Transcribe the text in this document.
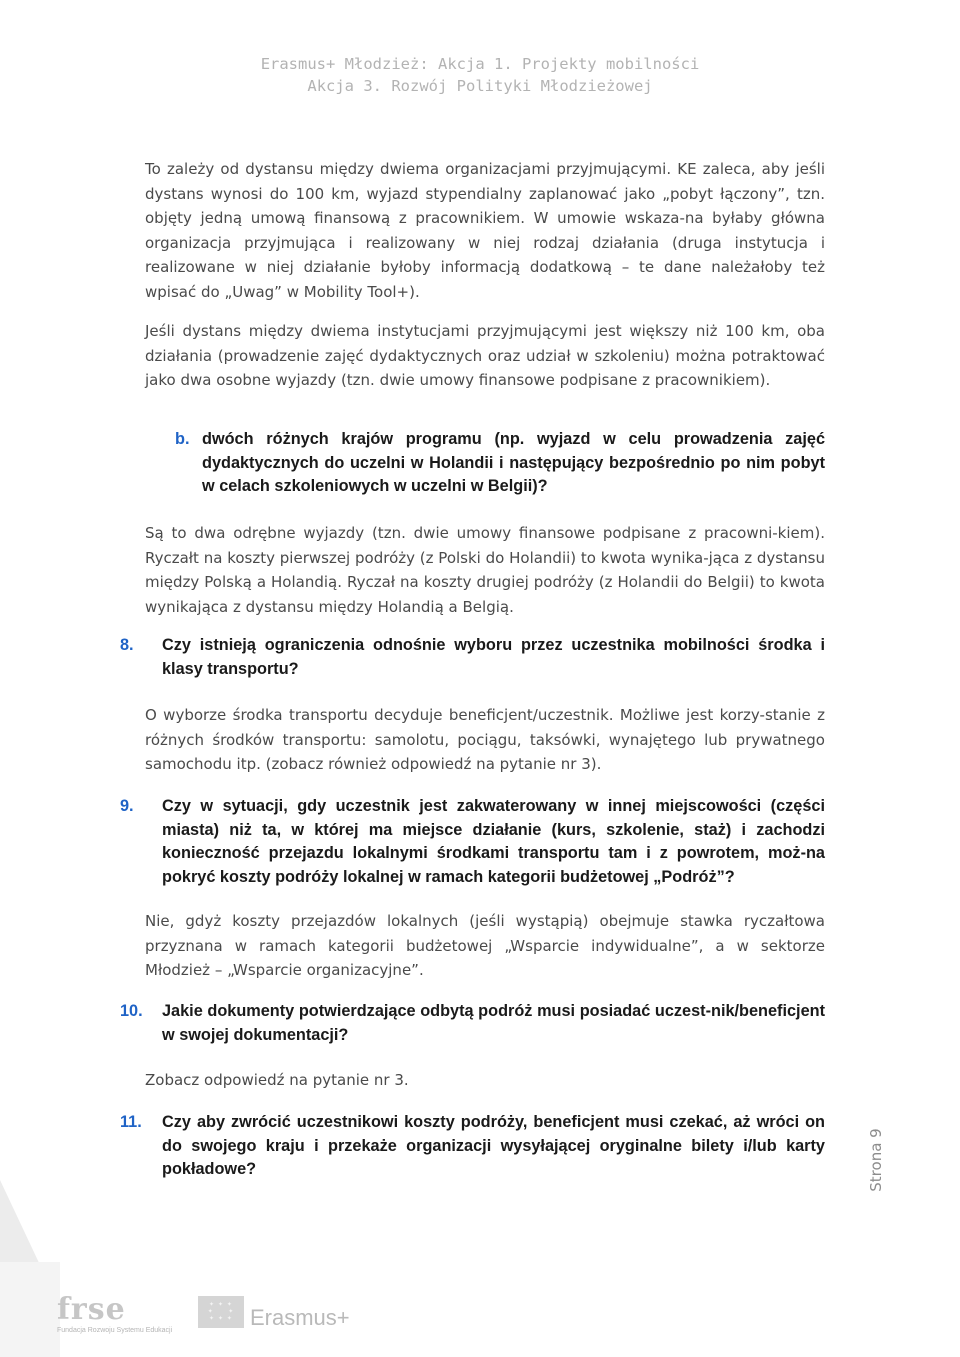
Erasmus+ Młodzież: Akcja 1. Projekty mobilności
Akcja 3. Rozwój Polityki Młodzieżowej

To zależy od dystansu między dwiema organizacjami przyjmującymi. KE zaleca, aby jeśli dystans wynosi do 100 km, wyjazd stypendialny zaplanować jako „pobyt łączony”, tzn. objęty jedną umową finansową z pracownikiem. W umowie wskaza-na byłaby główna organizacja przyjmująca i realizowany w niej rodzaj działania (druga instytucja i realizowane w niej działanie byłoby informacją dodatkową – te dane należałoby też wpisać do „Uwag” w Mobility Tool+).

Jeśli dystans między dwiema instytucjami przyjmującymi jest większy niż 100 km, oba działania (prowadzenie zajęć dydaktycznych oraz udział w szkoleniu) można potraktować jako dwa osobne wyjazdy (tzn. dwie umowy finansowe podpisane z pracownikiem).

b. dwóch różnych krajów programu (np. wyjazd w celu prowadzenia zajęć dydaktycznych do uczelni w Holandii i następujący bezpośrednio po nim pobyt w celach szkoleniowych w uczelni w Belgii)?

Są to dwa odrębne wyjazdy (tzn. dwie umowy finansowe podpisane z pracowni-kiem). Ryczałt na koszty pierwszej podróży (z Polski do Holandii) to kwota wynika-jąca z dystansu między Polską a Holandią. Ryczał na koszty drugiej podróży (z Holandii do Belgii) to kwota wynikająca z dystansu między Holandią a Belgią.

8. Czy istnieją ograniczenia odnośnie wyboru przez uczestnika mobilności środka i klasy transportu?

O wyborze środka transportu decyduje beneficjent/uczestnik. Możliwe jest korzy-stanie z różnych środków transportu: samolotu, pociągu, taksówki, wynajętego lub prywatnego samochodu itp. (zobacz również odpowiedź na pytanie nr 3).

9. Czy w sytuacji, gdy uczestnik jest zakwaterowany w innej miejscowości (części miasta) niż ta, w której ma miejsce działanie (kurs, szkolenie, staż) i zachodzi konieczność przejazdu lokalnymi środkami transportu tam i z powrotem, moż-na pokryć koszty podróży lokalnej w ramach kategorii budżetowej „Podróż”?

Nie, gdyż koszty przejazdów lokalnych (jeśli wystąpią) obejmuje stawka ryczałtowa przyznana w ramach kategorii budżetowej „Wsparcie indywidualne”, a w sektorze Młodzież – „Wsparcie organizacyjne”.

10. Jakie dokumenty potwierdzające odbytą podróż musi posiadać uczest-nik/beneficjent w swojej dokumentacji?

Zobacz odpowiedź na pytanie nr 3.

11. Czy aby zwrócić uczestnikowi koszty podróży, beneficjent musi czekać, aż wróci on do swojego kraju i przekaże organizacji wysyłającej oryginalne bilety i/lub karty pokładowe?	Strona 9
frse
Fundacja Rozwoju Systemu Edukacji
✦ ✦ ✦
✦     ✦
✦ ✦ ✦ Erasmus+
